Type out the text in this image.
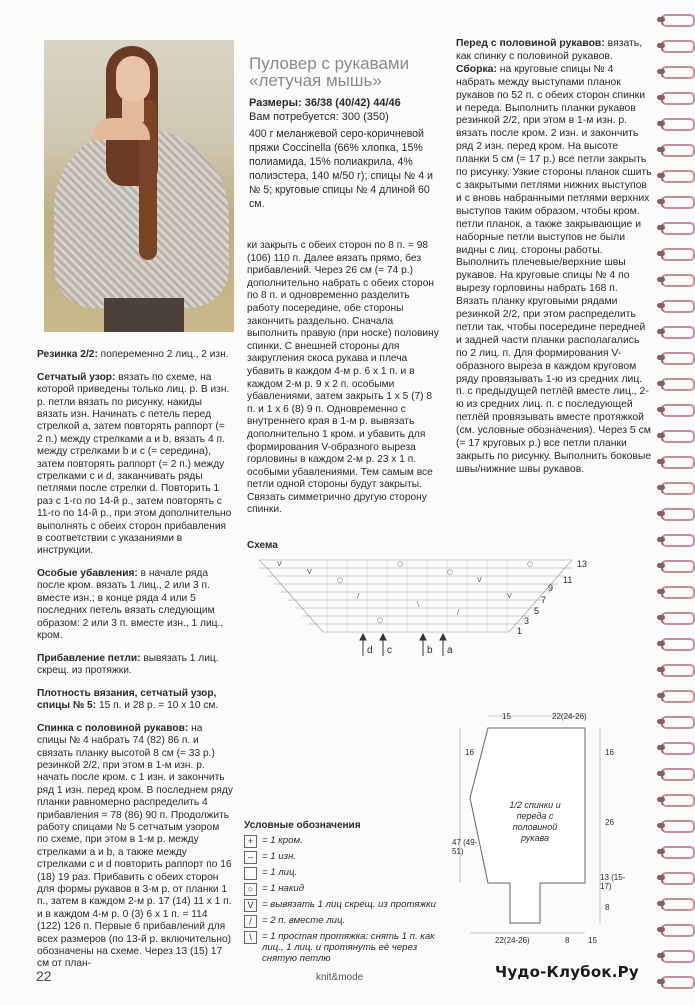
Пуловер с рукавами «летучая мышь»
Размеры: 36/38 (40/42) 44/46
Вам потребуется: 300 (350)
400 г меланжевой серо-коричневой пряжи Coccinella (66% хлопка, 15% полиамида, 15% полиакрила, 4% полиэстера, 140 м/50 г); спицы № 4 и № 5; круговые спицы № 4 длиной 60 см.

Перед с половиной рукавов: вязать, как спинку с половиной рукавов.

Сборка: на круговые спицы № 4 набрать между выступами планок рукавов по 52 п. с обеих сторон спинки и переда. Выполнить планки рукавов резинкой 2/2, при этом в 1-м изн. р. вязать после кром. 2 изн. и закончить ряд 2 изн. перед кром. На высоте планки 5 см (= 17 р.) все петли закрыть по рисунку. Узкие стороны планок сшить с закрытыми петлями нижних выступов и с вновь набранными петлями верхних выступов таким образом, чтобы кром. петли планок, а также закрывающие и наборные петли выступов не были видны с лиц. стороны работы. Выполнить плечевые/верхние швы рукавов. На круговые спицы № 4 по вырезу горловины набрать 168 п. Вязать планку круговыми рядами резинкой 2/2, при этом распределить петли так, чтобы посередине передней и задней части планки располагались по 2 лиц. п. Для формирования V-образного выреза в каждом круговом ряду провязывать 1-ю из средних лиц. п. с предыдущей петлёй вместе лиц., 2-ю из средних лиц. п. с последующей петлёй провязывать вместе протяжкой (см. условные обозначения). Через 5 см (= 17 круговых р.) все петли планки закрыть по рисунку. Выполнить боковые швы/нижние швы рукавов.

ки закрыть с обеих сторон по 8 п. = 98 (106) 110 п. Далее вязать прямо, без прибавлений. Через 26 см (= 74 р.) дополнительно набрать с обеих сторон по 8 п. и одновременно разделить работу посередине, обе стороны закончить раздельно. Сначала выполнить правую (при носке) половину спинки. С внешней стороны для закругления скоса рукава и плеча убавить в каждом 4-м р. 6 х 1 п. и в каждом 2-м р. 9 х 2 п. особыми убавлениями, затем закрыть 1 х 5 (7) 8 п. и 1 х 6 (8) 9 п. Одновременно с внутреннего края в 1-м р. вывязать дополнительно 1 кром. и убавить для формирования V-образного выреза горловины в каждом 2-м р. 23 х 1 п. особыми убавлениями. Тем самым все петли одной стороны будут закрыты. Связать симметрично другую сторону спинки.

Резинка 2/2: попеременно 2 лиц., 2 изн.

Сетчатый узор: вязать по схеме, на которой приведены только лиц. р. В изн. р. петли вязать по рисунку, накиды вязать изн. Начинать с петель перед стрелкой а, затем повторять раппорт (= 2 п.) между стрелками a и b, вязать 4 п. между стрелками b и c (= середина), затем повторять раппорт (= 2 п.) между стрелками c и d, заканчивать ряды петлями после стрелки d. Повторить 1 раз с 1-го по 14-й р., затем повторять с 11-го по 14-й р., при этом дополнительно выполнять с обеих сторон прибавления в соответствии с указаниями в инструкции.

Особые убавления: в начале ряда после кром. вязать 1 лиц., 2 или 3 п. вместе изн.; в конце ряда 4 или 5 последних петель вязать следующим образом: 2 или 3 п. вместе изн., 1 лиц., кром.

Прибавление петли: вывязать 1 лиц. скрещ. из протяжки.

Плотность вязания, сетчатый узор, спицы № 5: 15 п. и 28 р. = 10 х 10 см.

Спинка с половиной рукавов: на спицы № 4 набрать 74 (82) 86 п. и связать планку высотой 8 см (= 33 р.) резинкой 2/2, при этом в 1-м изн. р. начать после кром. с 1 изн. и закончить ряд 1 изн. перед кром. В последнем ряду планки равномерно распределить 4 прибавления = 78 (86) 90 п. Продолжить работу спицами № 5 сетчатым узором по схеме, при этом в 1-м р. между стрелками a и b, а также между стрелками c и d повторить раппорт по 16 (18) 19 раз. Прибавить с обеих сторон для формы рукавов в 3-м р. от планки 1 п., затем в каждом 2-м р. 17 (14) 11 х 1 п. и в каждом 4-м р. 0 (3) 6 х 1 п. = 114 (122) 126 п. Первые 6 прибавлений для всех размеров (по 13-й р. включительно) обозначены на схеме. Через 13 (15) 17 см от план-

Схема
V
V
○
○
○
V
○
/
\
/
○
V
13
11
9
7
5
3
1
d c	b a
Условные обозначения
+ = 1 кром.
– = 1 изн.
= 1 лиц.
○ = 1 накид
V = вывязать 1 лиц скрещ. из протяжки
/	= 2 п. вместе лиц.
\	= 1 простая протяжка: снять 1 п. как лиц., 1 лиц. и протянуть её через снятую петлю
15	22(24-26)
16
47 (49-51)
26
13 (15-17)
8
16
22(24-26)	8 15
1/2 спинки и переда с половиной рукава
22	knit&mode	Чудо-Клубок.Ру
